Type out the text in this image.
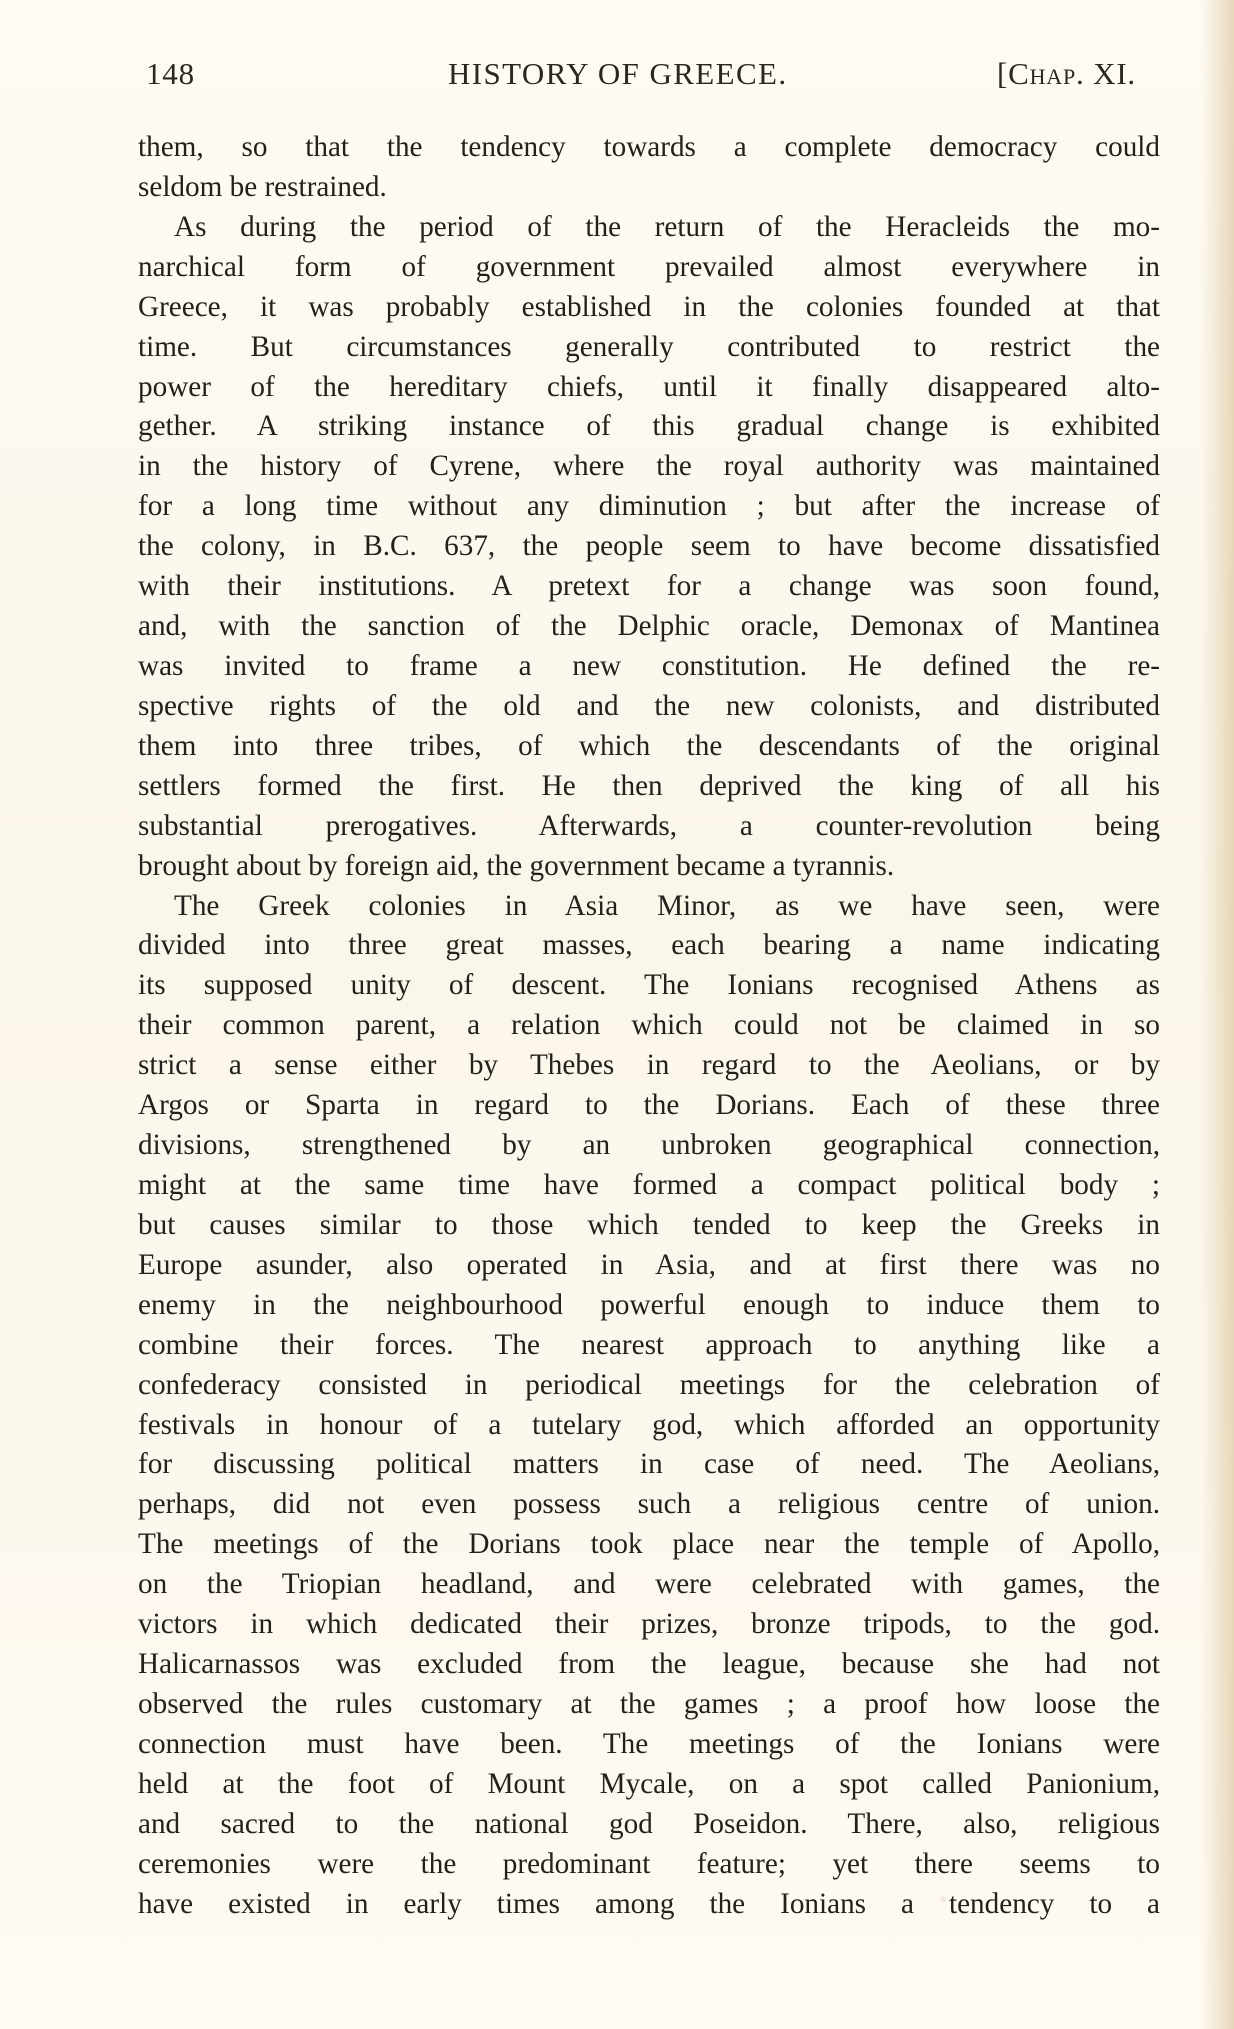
148	HISTORY OF GREECE.	[Chap. XI.
them, so that the tendency towards a complete democracy could
seldom be restrained.
As during the period of the return of the Heracleids the mo-
narchical form of government prevailed almost everywhere in
Greece, it was probably established in the colonies founded at that
time. But circumstances generally contributed to restrict the
power of the hereditary chiefs, until it finally disappeared alto-
gether. A striking instance of this gradual change is exhibited
in the history of Cyrene, where the royal authority was maintained
for a long time without any diminution ; but after the increase of
the colony, in B.C. 637, the people seem to have become dissatisfied
with their institutions. A pretext for a change was soon found,
and, with the sanction of the Delphic oracle, Demonax of Mantinea
was invited to frame a new constitution. He defined the re-
spective rights of the old and the new colonists, and distributed
them into three tribes, of which the descendants of the original
settlers formed the first. He then deprived the king of all his
substantial prerogatives. Afterwards, a counter-revolution being
brought about by foreign aid, the government became a tyrannis.
The Greek colonies in Asia Minor, as we have seen, were
divided into three great masses, each bearing a name indicating
its supposed unity of descent. The Ionians recognised Athens as
their common parent, a relation which could not be claimed in so
strict a sense either by Thebes in regard to the Aeolians, or by
Argos or Sparta in regard to the Dorians. Each of these three
divisions, strengthened by an unbroken geographical connection,
might at the same time have formed a compact political body ;
but causes similar to those which tended to keep the Greeks in
Europe asunder, also operated in Asia, and at first there was no
enemy in the neighbourhood powerful enough to induce them to
combine their forces. The nearest approach to anything like a
confederacy consisted in periodical meetings for the celebration of
festivals in honour of a tutelary god, which afforded an opportunity
for discussing political matters in case of need. The Aeolians,
perhaps, did not even possess such a religious centre of union.
The meetings of the Dorians took place near the temple of Apollo,
on the Triopian headland, and were celebrated with games, the
victors in which dedicated their prizes, bronze tripods, to the god.
Halicarnassos was excluded from the league, because she had not
observed the rules customary at the games ; a proof how loose the
connection must have been. The meetings of the Ionians were
held at the foot of Mount Mycale, on a spot called Panionium,
and sacred to the national god Poseidon. There, also, religious
ceremonies were the predominant feature; yet there seems to
have existed in early times among the Ionians a tendency to a
